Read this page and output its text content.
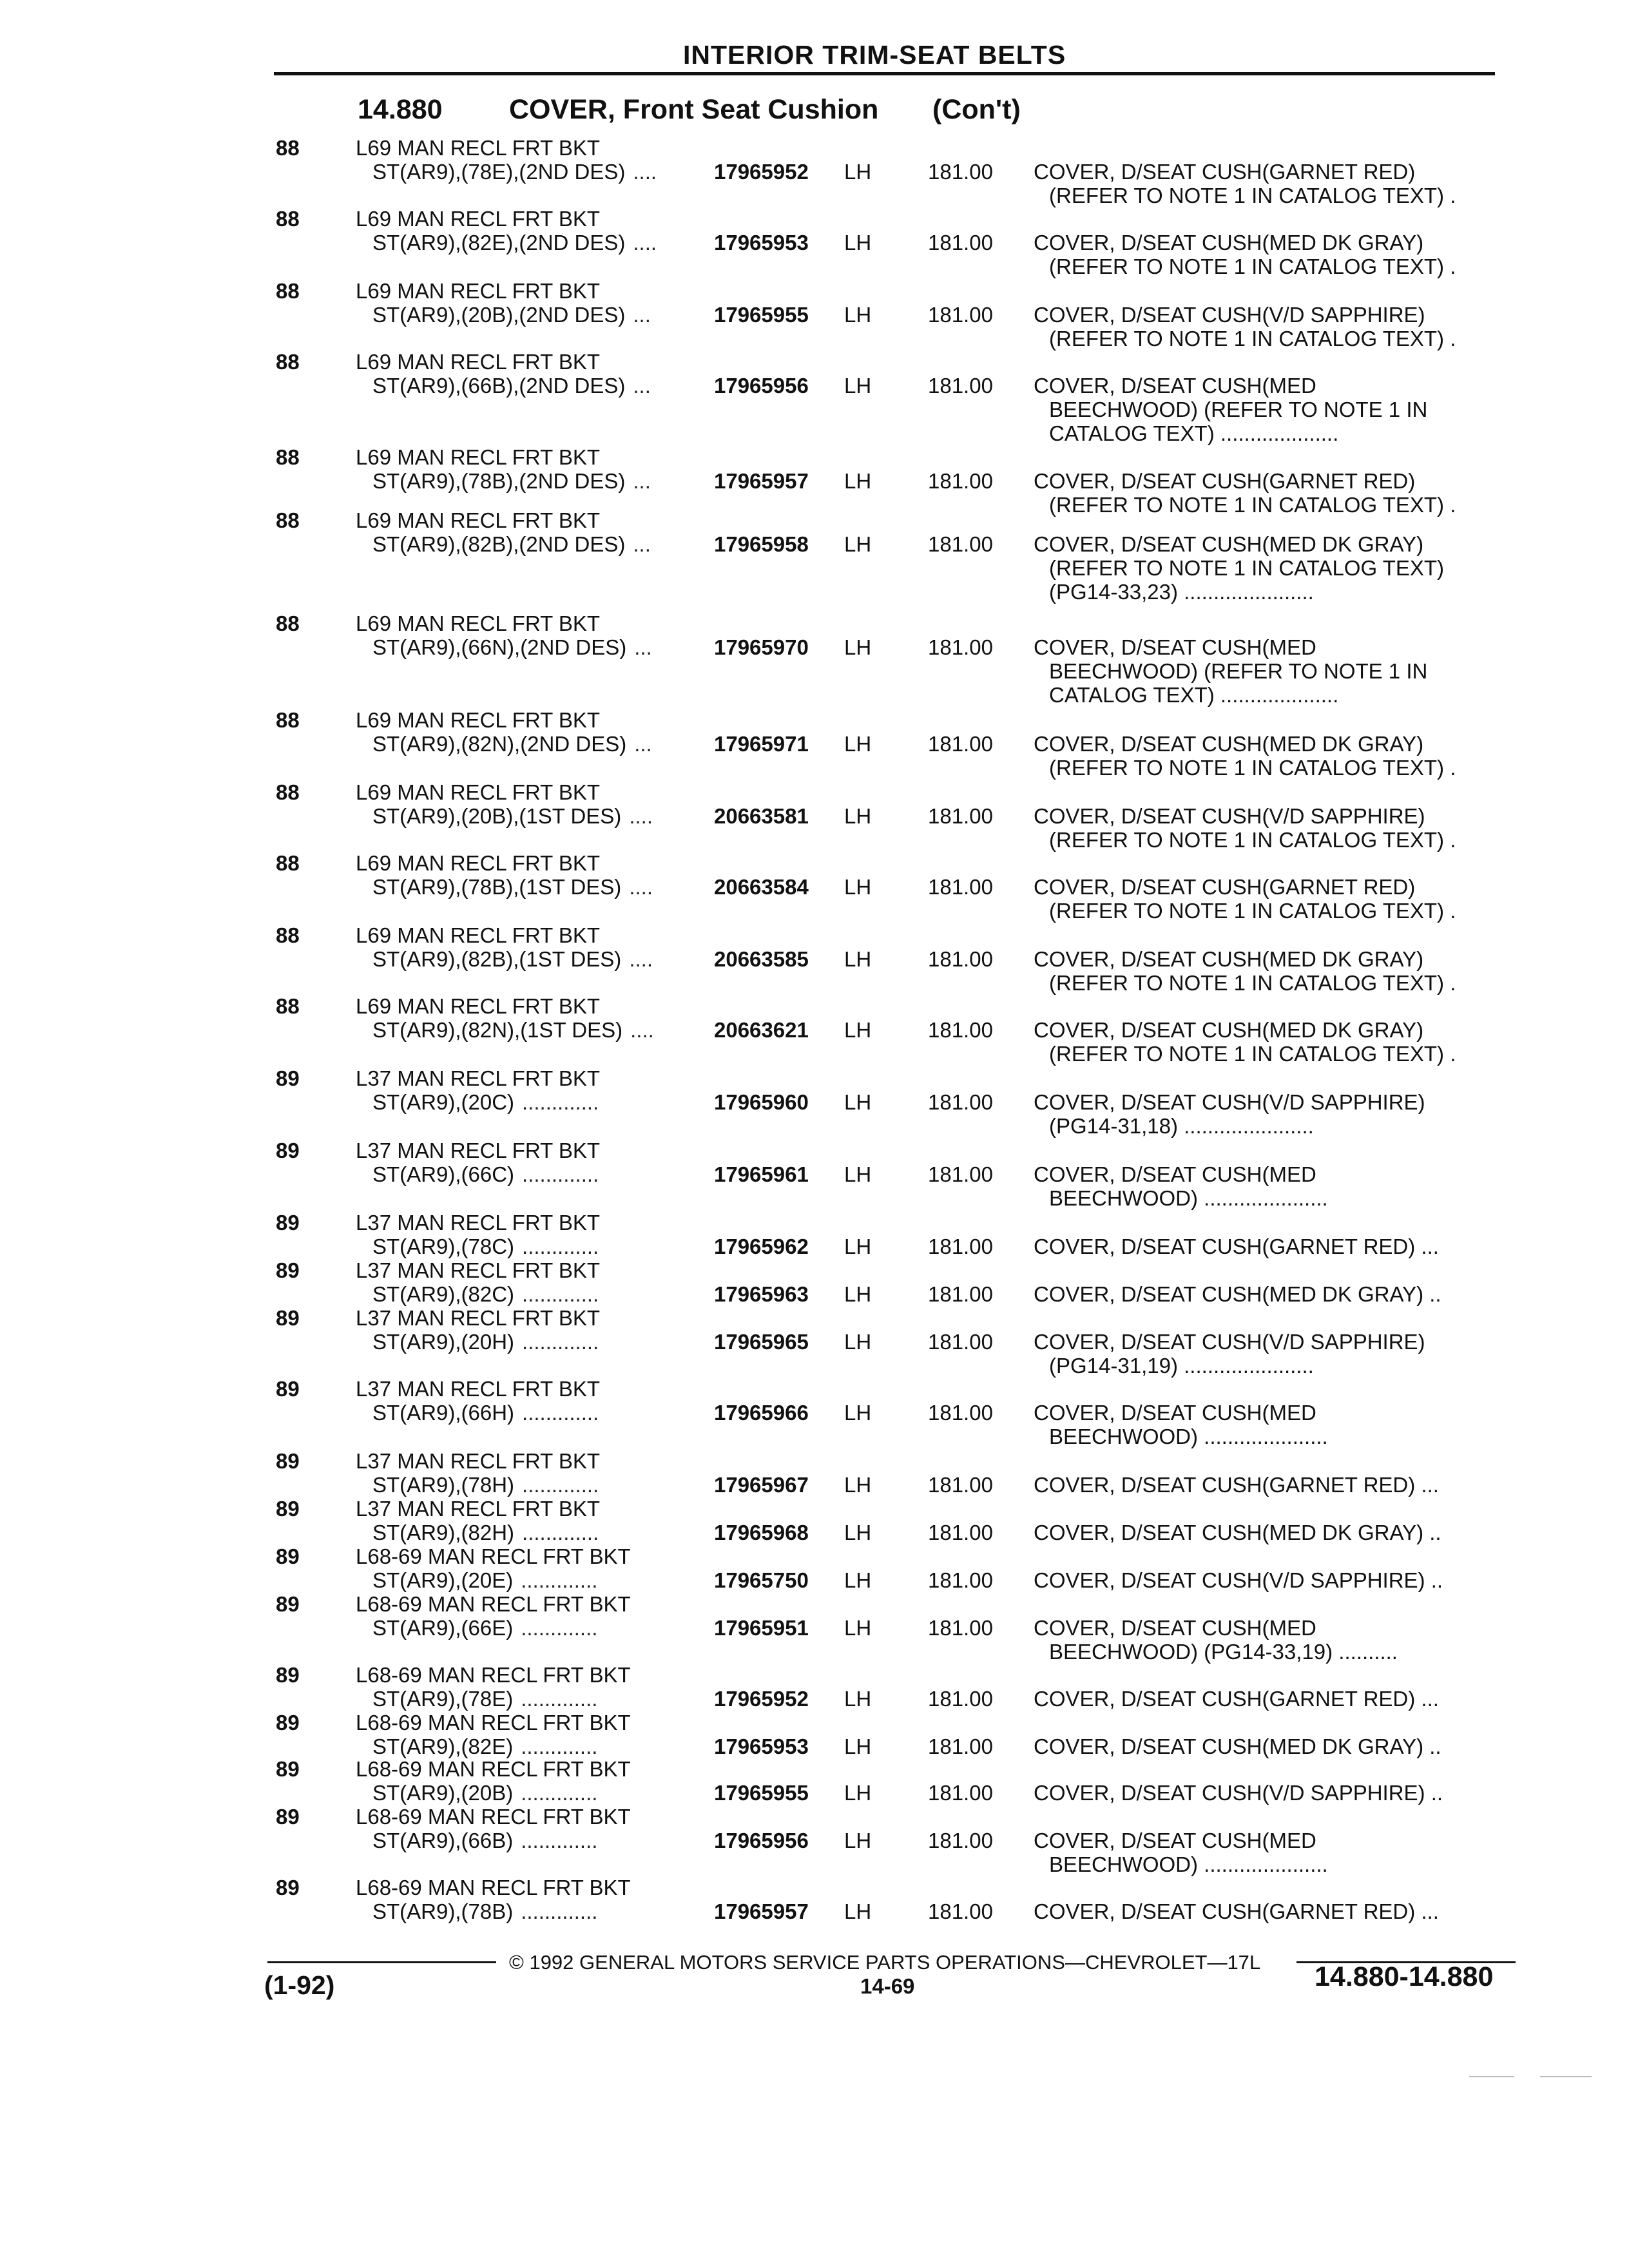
INTERIOR TRIM-SEAT BELTS
14.880 COVER, Front Seat Cushion (Con't)
88	L69 MAN RECL FRT BKT
ST(AR9),(78E),(2ND DES) ....	17965952 LH	181.00 COVER, D/SEAT CUSH(GARNET RED)
(REFER TO NOTE 1 IN CATALOG TEXT) .
88	L69 MAN RECL FRT BKT
ST(AR9),(82E),(2ND DES) ....	17965953 LH	181.00 COVER, D/SEAT CUSH(MED DK GRAY)
(REFER TO NOTE 1 IN CATALOG TEXT) .
88	L69 MAN RECL FRT BKT
ST(AR9),(20B),(2ND DES) ...	17965955 LH	181.00 COVER, D/SEAT CUSH(V/D SAPPHIRE)
(REFER TO NOTE 1 IN CATALOG TEXT) .
88	L69 MAN RECL FRT BKT
ST(AR9),(66B),(2ND DES) ...	17965956 LH	181.00 COVER, D/SEAT CUSH(MED
BEECHWOOD) (REFER TO NOTE 1 IN
CATALOG TEXT) ....................
88	L69 MAN RECL FRT BKT
ST(AR9),(78B),(2ND DES) ...	17965957 LH	181.00 COVER, D/SEAT CUSH(GARNET RED)
(REFER TO NOTE 1 IN CATALOG TEXT) .
88	L69 MAN RECL FRT BKT
ST(AR9),(82B),(2ND DES) ...	17965958 LH	181.00 COVER, D/SEAT CUSH(MED DK GRAY)
(REFER TO NOTE 1 IN CATALOG TEXT)
(PG14-33,23) ......................
88	L69 MAN RECL FRT BKT
ST(AR9),(66N),(2ND DES) ...	17965970 LH	181.00 COVER, D/SEAT CUSH(MED
BEECHWOOD) (REFER TO NOTE 1 IN
CATALOG TEXT) ....................
88	L69 MAN RECL FRT BKT
ST(AR9),(82N),(2ND DES) ...	17965971 LH	181.00 COVER, D/SEAT CUSH(MED DK GRAY)
(REFER TO NOTE 1 IN CATALOG TEXT) .
88	L69 MAN RECL FRT BKT
ST(AR9),(20B),(1ST DES) ....	20663581 LH	181.00 COVER, D/SEAT CUSH(V/D SAPPHIRE)
(REFER TO NOTE 1 IN CATALOG TEXT) .
88	L69 MAN RECL FRT BKT
ST(AR9),(78B),(1ST DES) ....	20663584 LH	181.00 COVER, D/SEAT CUSH(GARNET RED)
(REFER TO NOTE 1 IN CATALOG TEXT) .
88	L69 MAN RECL FRT BKT
ST(AR9),(82B),(1ST DES) ....	20663585 LH	181.00 COVER, D/SEAT CUSH(MED DK GRAY)
(REFER TO NOTE 1 IN CATALOG TEXT) .
88	L69 MAN RECL FRT BKT
ST(AR9),(82N),(1ST DES) ....	20663621 LH	181.00 COVER, D/SEAT CUSH(MED DK GRAY)
(REFER TO NOTE 1 IN CATALOG TEXT) .
89	L37 MAN RECL FRT BKT
ST(AR9),(20C) .............	17965960 LH	181.00 COVER, D/SEAT CUSH(V/D SAPPHIRE)
(PG14-31,18) ......................
89	L37 MAN RECL FRT BKT
ST(AR9),(66C) .............	17965961 LH	181.00 COVER, D/SEAT CUSH(MED
BEECHWOOD) .....................
89	L37 MAN RECL FRT BKT
ST(AR9),(78C) .............	17965962 LH	181.00 COVER, D/SEAT CUSH(GARNET RED) ...
89	L37 MAN RECL FRT BKT
ST(AR9),(82C) .............	17965963 LH	181.00 COVER, D/SEAT CUSH(MED DK GRAY) ..
89	L37 MAN RECL FRT BKT
ST(AR9),(20H) .............	17965965 LH	181.00 COVER, D/SEAT CUSH(V/D SAPPHIRE)
(PG14-31,19) ......................
89	L37 MAN RECL FRT BKT
ST(AR9),(66H) .............	17965966 LH	181.00 COVER, D/SEAT CUSH(MED
BEECHWOOD) .....................
89	L37 MAN RECL FRT BKT
ST(AR9),(78H) .............	17965967 LH	181.00 COVER, D/SEAT CUSH(GARNET RED) ...
89	L37 MAN RECL FRT BKT
ST(AR9),(82H) .............	17965968 LH	181.00 COVER, D/SEAT CUSH(MED DK GRAY) ..
89	L68-69 MAN RECL FRT BKT
ST(AR9),(20E) .............	17965750 LH	181.00 COVER, D/SEAT CUSH(V/D SAPPHIRE) ..
89	L68-69 MAN RECL FRT BKT
ST(AR9),(66E) .............	17965951 LH	181.00 COVER, D/SEAT CUSH(MED
BEECHWOOD) (PG14-33,19) ..........
89	L68-69 MAN RECL FRT BKT
ST(AR9),(78E) .............	17965952 LH	181.00 COVER, D/SEAT CUSH(GARNET RED) ...
89	L68-69 MAN RECL FRT BKT
ST(AR9),(82E) .............	17965953 LH	181.00 COVER, D/SEAT CUSH(MED DK GRAY) ..
89	L68-69 MAN RECL FRT BKT
ST(AR9),(20B) .............	17965955 LH	181.00 COVER, D/SEAT CUSH(V/D SAPPHIRE) ..
89	L68-69 MAN RECL FRT BKT
ST(AR9),(66B) .............	17965956 LH	181.00 COVER, D/SEAT CUSH(MED
BEECHWOOD) .....................
89	L68-69 MAN RECL FRT BKT
ST(AR9),(78B) .............	17965957 LH	181.00 COVER, D/SEAT CUSH(GARNET RED) ...
© 1992 GENERAL MOTORS SERVICE PARTS OPERATIONS—CHEVROLET—17L
(1-92)	14-69	14.880-14.880
